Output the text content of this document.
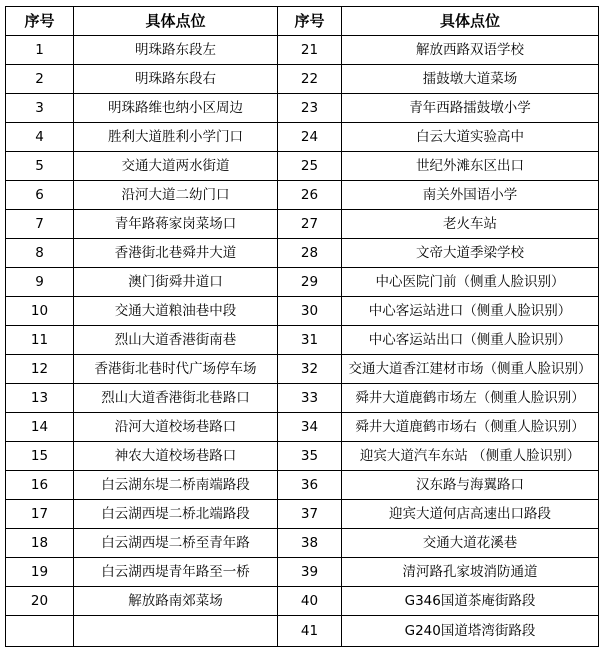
序号	具体点位	序号	具体点位
1	明珠路东段左	21	解放西路双语学校
2	明珠路东段右	22	擂鼓墩大道菜场
3	明珠路维也纳小区周边	23	青年西路擂鼓墩小学
4	胜利大道胜利小学门口	24	白云大道实验高中
5	交通大道两水街道	25	世纪外滩东区出口
6	沿河大道二幼门口	26	南关外国语小学
7	青年路蒋家岗菜场口	27	老火车站
8	香港街北巷舜井大道	28	文帝大道季梁学校
9	澳门街舜井道口	29	中心医院门前（侧重人脸识别）
10	交通大道粮油巷中段	30	中心客运站进口（侧重人脸识别）
11	烈山大道香港街南巷	31	中心客运站出口（侧重人脸识别）
12	香港街北巷时代广场停车场	32	交通大道香江建材市场（侧重人脸识别）
13	烈山大道香港街北巷路口	33	舜井大道鹿鹤市场左（侧重人脸识别）
14	沿河大道校场巷路口	34	舜井大道鹿鹤市场右（侧重人脸识别）
15	神农大道校场巷路口	35	迎宾大道汽车东站 （侧重人脸识别）
16	白云湖东堤二桥南端路段	36	汉东路与海翼路口
17	白云湖西堤二桥北端路段	37	迎宾大道何店高速出口路段
18	白云湖西堤二桥至青年路	38	交通大道花溪巷
19	白云湖西堤青年路至一桥	39	清河路孔家坡消防通道
20	解放路南郊菜场	40	G346国道茶庵街路段
		41	G240国道塔湾街路段
